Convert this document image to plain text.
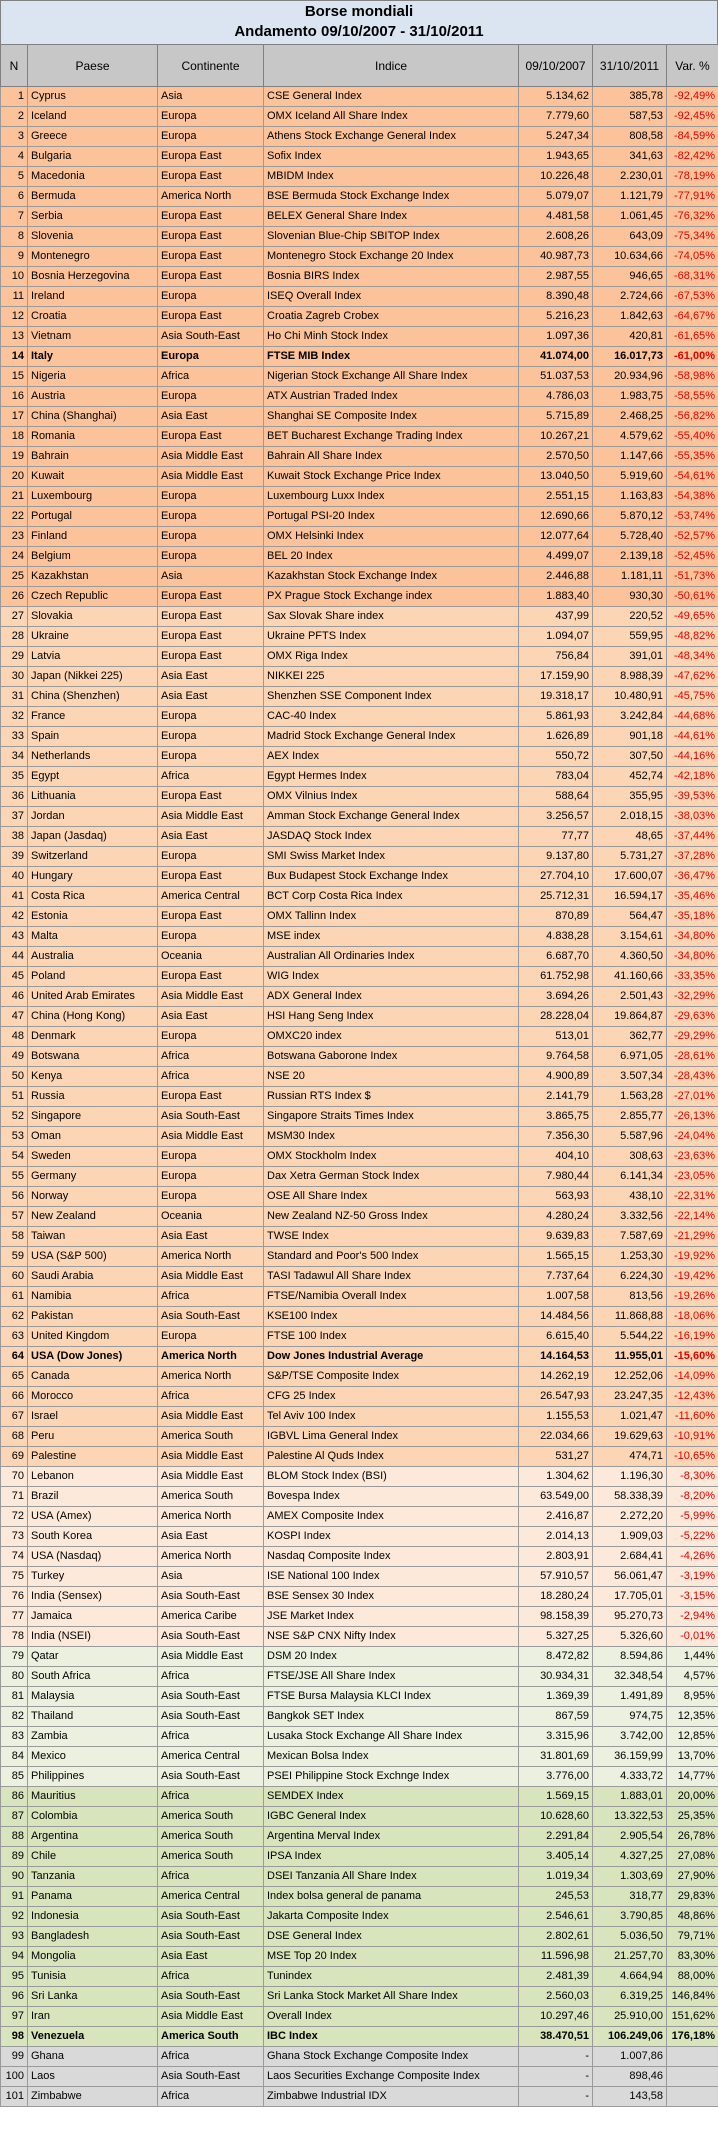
Borse mondiali
Andamento 09/10/2007 - 31/10/2011
N	Paese	Continente	Indice	09/10/2007	31/10/2011	Var. %
1	Cyprus	Asia	CSE General Index	5.134,62	385,78	-92,49%
2	Iceland	Europa	OMX Iceland All Share Index	7.779,60	587,53	-92,45%
3	Greece	Europa	Athens Stock Exchange General Index	5.247,34	808,58	-84,59%
4	Bulgaria	Europa East	Sofix Index	1.943,65	341,63	-82,42%
5	Macedonia	Europa East	MBIDM Index	10.226,48	2.230,01	-78,19%
6	Bermuda	America North	BSE Bermuda Stock Exchange Index	5.079,07	1.121,79	-77,91%
7	Serbia	Europa East	BELEX General Share Index	4.481,58	1.061,45	-76,32%
8	Slovenia	Europa East	Slovenian Blue-Chip SBITOP Index	2.608,26	643,09	-75,34%
9	Montenegro	Europa East	Montenegro Stock Exchange 20 Index	40.987,73	10.634,66	-74,05%
10	Bosnia Herzegovina	Europa East	Bosnia BIRS Index	2.987,55	946,65	-68,31%
11	Ireland	Europa	ISEQ Overall Index	8.390,48	2.724,66	-67,53%
12	Croatia	Europa East	Croatia Zagreb Crobex	5.216,23	1.842,63	-64,67%
13	Vietnam	Asia South-East	Ho Chi Minh Stock Index	1.097,36	420,81	-61,65%
14	Italy	Europa	FTSE MIB Index	41.074,00	16.017,73	-61,00%
15	Nigeria	Africa	Nigerian Stock Exchange All Share Index	51.037,53	20.934,96	-58,98%
16	Austria	Europa	ATX Austrian Traded Index	4.786,03	1.983,75	-58,55%
17	China (Shanghai)	Asia East	Shanghai SE Composite Index	5.715,89	2.468,25	-56,82%
18	Romania	Europa East	BET Bucharest Exchange Trading Index	10.267,21	4.579,62	-55,40%
19	Bahrain	Asia Middle East	Bahrain All Share Index	2.570,50	1.147,66	-55,35%
20	Kuwait	Asia Middle East	Kuwait Stock Exchange Price Index	13.040,50	5.919,60	-54,61%
21	Luxembourg	Europa	Luxembourg Luxx Index	2.551,15	1.163,83	-54,38%
22	Portugal	Europa	Portugal PSI-20 Index	12.690,66	5.870,12	-53,74%
23	Finland	Europa	OMX Helsinki Index	12.077,64	5.728,40	-52,57%
24	Belgium	Europa	BEL 20 Index	4.499,07	2.139,18	-52,45%
25	Kazakhstan	Asia	Kazakhstan Stock Exchange Index	2.446,88	1.181,11	-51,73%
26	Czech Republic	Europa East	PX Prague Stock Exchange index	1.883,40	930,30	-50,61%
27	Slovakia	Europa East	Sax Slovak Share index	437,99	220,52	-49,65%
28	Ukraine	Europa East	Ukraine PFTS Index	1.094,07	559,95	-48,82%
29	Latvia	Europa East	OMX Riga Index	756,84	391,01	-48,34%
30	Japan (Nikkei 225)	Asia East	NIKKEI 225	17.159,90	8.988,39	-47,62%
31	China (Shenzhen)	Asia East	Shenzhen SSE Component Index	19.318,17	10.480,91	-45,75%
32	France	Europa	CAC-40 Index	5.861,93	3.242,84	-44,68%
33	Spain	Europa	Madrid Stock Exchange General Index	1.626,89	901,18	-44,61%
34	Netherlands	Europa	AEX Index	550,72	307,50	-44,16%
35	Egypt	Africa	Egypt Hermes Index	783,04	452,74	-42,18%
36	Lithuania	Europa East	OMX Vilnius Index	588,64	355,95	-39,53%
37	Jordan	Asia Middle East	Amman Stock Exchange General Index	3.256,57	2.018,15	-38,03%
38	Japan (Jasdaq)	Asia East	JASDAQ Stock Index	77,77	48,65	-37,44%
39	Switzerland	Europa	SMI Swiss Market Index	9.137,80	5.731,27	-37,28%
40	Hungary	Europa East	Bux Budapest Stock Exchange Index	27.704,10	17.600,07	-36,47%
41	Costa Rica	America Central	BCT Corp Costa Rica Index	25.712,31	16.594,17	-35,46%
42	Estonia	Europa East	OMX Tallinn Index	870,89	564,47	-35,18%
43	Malta	Europa	MSE index	4.838,28	3.154,61	-34,80%
44	Australia	Oceania	Australian All Ordinaries Index	6.687,70	4.360,50	-34,80%
45	Poland	Europa East	WIG Index	61.752,98	41.160,66	-33,35%
46	United Arab Emirates	Asia Middle East	ADX General Index	3.694,26	2.501,43	-32,29%
47	China (Hong Kong)	Asia East	HSI Hang Seng Index	28.228,04	19.864,87	-29,63%
48	Denmark	Europa	OMXC20 index	513,01	362,77	-29,29%
49	Botswana	Africa	Botswana Gaborone Index	9.764,58	6.971,05	-28,61%
50	Kenya	Africa	NSE 20	4.900,89	3.507,34	-28,43%
51	Russia	Europa East	Russian RTS Index $	2.141,79	1.563,28	-27,01%
52	Singapore	Asia South-East	Singapore Straits Times Index	3.865,75	2.855,77	-26,13%
53	Oman	Asia Middle East	MSM30 Index	7.356,30	5.587,96	-24,04%
54	Sweden	Europa	OMX Stockholm Index	404,10	308,63	-23,63%
55	Germany	Europa	Dax Xetra German Stock Index	7.980,44	6.141,34	-23,05%
56	Norway	Europa	OSE All Share Index	563,93	438,10	-22,31%
57	New Zealand	Oceania	New Zealand NZ-50 Gross Index	4.280,24	3.332,56	-22,14%
58	Taiwan	Asia East	TWSE Index	9.639,83	7.587,69	-21,29%
59	USA (S&P 500)	America North	Standard and Poor's 500 Index	1.565,15	1.253,30	-19,92%
60	Saudi Arabia	Asia Middle East	TASI Tadawul All Share Index	7.737,64	6.224,30	-19,42%
61	Namibia	Africa	FTSE/Namibia Overall Index	1.007,58	813,56	-19,26%
62	Pakistan	Asia South-East	KSE100 Index	14.484,56	11.868,88	-18,06%
63	United Kingdom	Europa	FTSE 100 Index	6.615,40	5.544,22	-16,19%
64	USA (Dow Jones)	America North	Dow Jones Industrial Average	14.164,53	11.955,01	-15,60%
65	Canada	America North	S&P/TSE Composite Index	14.262,19	12.252,06	-14,09%
66	Morocco	Africa	CFG 25 Index	26.547,93	23.247,35	-12,43%
67	Israel	Asia Middle East	Tel Aviv 100 Index	1.155,53	1.021,47	-11,60%
68	Peru	America South	IGBVL Lima General Index	22.034,66	19.629,63	-10,91%
69	Palestine	Asia Middle East	Palestine Al Quds Index	531,27	474,71	-10,65%
70	Lebanon	Asia Middle East	BLOM Stock Index (BSI)	1.304,62	1.196,30	-8,30%
71	Brazil	America South	Bovespa Index	63.549,00	58.338,39	-8,20%
72	USA (Amex)	America North	AMEX Composite Index	2.416,87	2.272,20	-5,99%
73	South Korea	Asia East	KOSPI Index	2.014,13	1.909,03	-5,22%
74	USA (Nasdaq)	America North	Nasdaq Composite Index	2.803,91	2.684,41	-4,26%
75	Turkey	Asia	ISE National 100 Index	57.910,57	56.061,47	-3,19%
76	India (Sensex)	Asia South-East	BSE Sensex 30 Index	18.280,24	17.705,01	-3,15%
77	Jamaica	America Caribe	JSE Market Index	98.158,39	95.270,73	-2,94%
78	India (NSEI)	Asia South-East	NSE S&P CNX Nifty Index	5.327,25	5.326,60	-0,01%
79	Qatar	Asia Middle East	DSM 20 Index	8.472,82	8.594,86	1,44%
80	South Africa	Africa	FTSE/JSE All Share Index	30.934,31	32.348,54	4,57%
81	Malaysia	Asia South-East	FTSE Bursa Malaysia KLCI Index	1.369,39	1.491,89	8,95%
82	Thailand	Asia South-East	Bangkok SET Index	867,59	974,75	12,35%
83	Zambia	Africa	Lusaka Stock Exchange All Share Index	3.315,96	3.742,00	12,85%
84	Mexico	America Central	Mexican Bolsa Index	31.801,69	36.159,99	13,70%
85	Philippines	Asia South-East	PSEI Philippine Stock Exchnge Index	3.776,00	4.333,72	14,77%
86	Mauritius	Africa	SEMDEX Index	1.569,15	1.883,01	20,00%
87	Colombia	America South	IGBC General Index	10.628,60	13.322,53	25,35%
88	Argentina	America South	Argentina Merval Index	2.291,84	2.905,54	26,78%
89	Chile	America South	IPSA Index	3.405,14	4.327,25	27,08%
90	Tanzania	Africa	DSEI Tanzania All Share Index	1.019,34	1.303,69	27,90%
91	Panama	America Central	Index bolsa general de panama	245,53	318,77	29,83%
92	Indonesia	Asia South-East	Jakarta Composite Index	2.546,61	3.790,85	48,86%
93	Bangladesh	Asia South-East	DSE General Index	2.802,61	5.036,50	79,71%
94	Mongolia	Asia East	MSE Top 20 Index	11.596,98	21.257,70	83,30%
95	Tunisia	Africa	Tunindex	2.481,39	4.664,94	88,00%
96	Sri Lanka	Asia South-East	Sri Lanka Stock Market All Share Index	2.560,03	6.319,25	146,84%
97	Iran	Asia Middle East	Overall Index	10.297,46	25.910,00	151,62%
98	Venezuela	America South	IBC Index	38.470,51	106.249,06	176,18%
99	Ghana	Africa	Ghana Stock Exchange Composite Index	-	1.007,86	
100	Laos	Asia South-East	Laos Securities Exchange Composite Index	-	898,46	
101	Zimbabwe	Africa	Zimbabwe Industrial IDX	-	143,58	
